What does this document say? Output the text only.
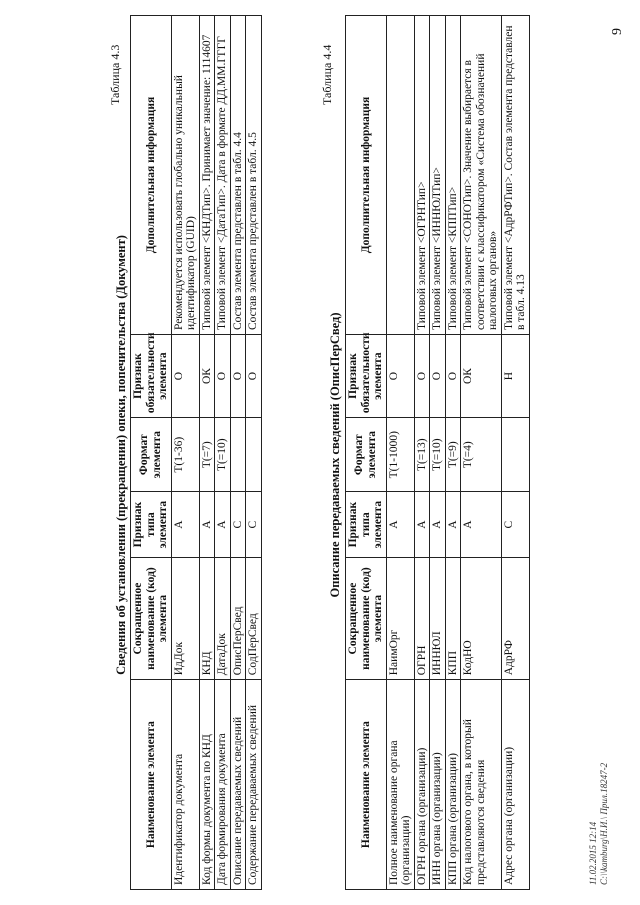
9
Таблица 4.3
Сведения об установлении (прекращении) опеки, попечительства (Документ)
Наименование элемента	Сокращенное наименование (код) элемента	Признак типа элемента	Формат элемента	Признак обязательности элемента	Дополнительная информация
Идентификатор документа	ИдДок	А	T(1-36)	О	Рекомендуется использовать глобально уникальный идентификатор (GUID)
Код формы документа по КНД	КНД	А	T(=7)	ОК	Типовой элемент <КНДТип>. Принимает значение: 1114607
Дата формирования документа	ДатаДок	А	T(=10)	О	Типовой элемент <ДатаТип>. Дата в формате ДД.ММ.ГГГГ
Описание передаваемых сведений	ОписПерСвед	С		О	Состав элемента представлен в табл. 4.4
Содержание передаваемых сведений	СодПерСвед	С		О	Состав элемента представлен в табл. 4.5
Таблица 4.4
Описание передаваемых сведений (ОписПерСвед)
Наименование элемента	Сокращенное наименование (код) элемента	Признак типа элемента	Формат элемента	Признак обязательности элемента	Дополнительная информация
Полное наименование органа (организации)	НаимОрг	А	T(1-1000)	О	
ОГРН органа (организации)	ОГРН	А	T(=13)	О	Типовой элемент <ОГРНТип>
ИНН органа (организации)	ИННЮЛ	А	T(=10)	О	Типовой элемент <ИННЮЛТип>
КПП органа (организации)	КПП	А	T(=9)	О	Типовой элемент <КППТип>
Код налогового органа, в который представляются сведения	КодНО	А	T(=4)	ОК	Типовой элемент <СОНОТип>. Значение выбирается в соответствии с классификатором «Система обозначений налоговых органов»
Адрес органа (организации)	АдрРФ	С		Н	Типовой элемент <АдрРФТип>. Состав элемента представлен в табл. 4.13
11.02.2015 12:14 С:\\kamburg\Н.И.\ Прил.18247-2
